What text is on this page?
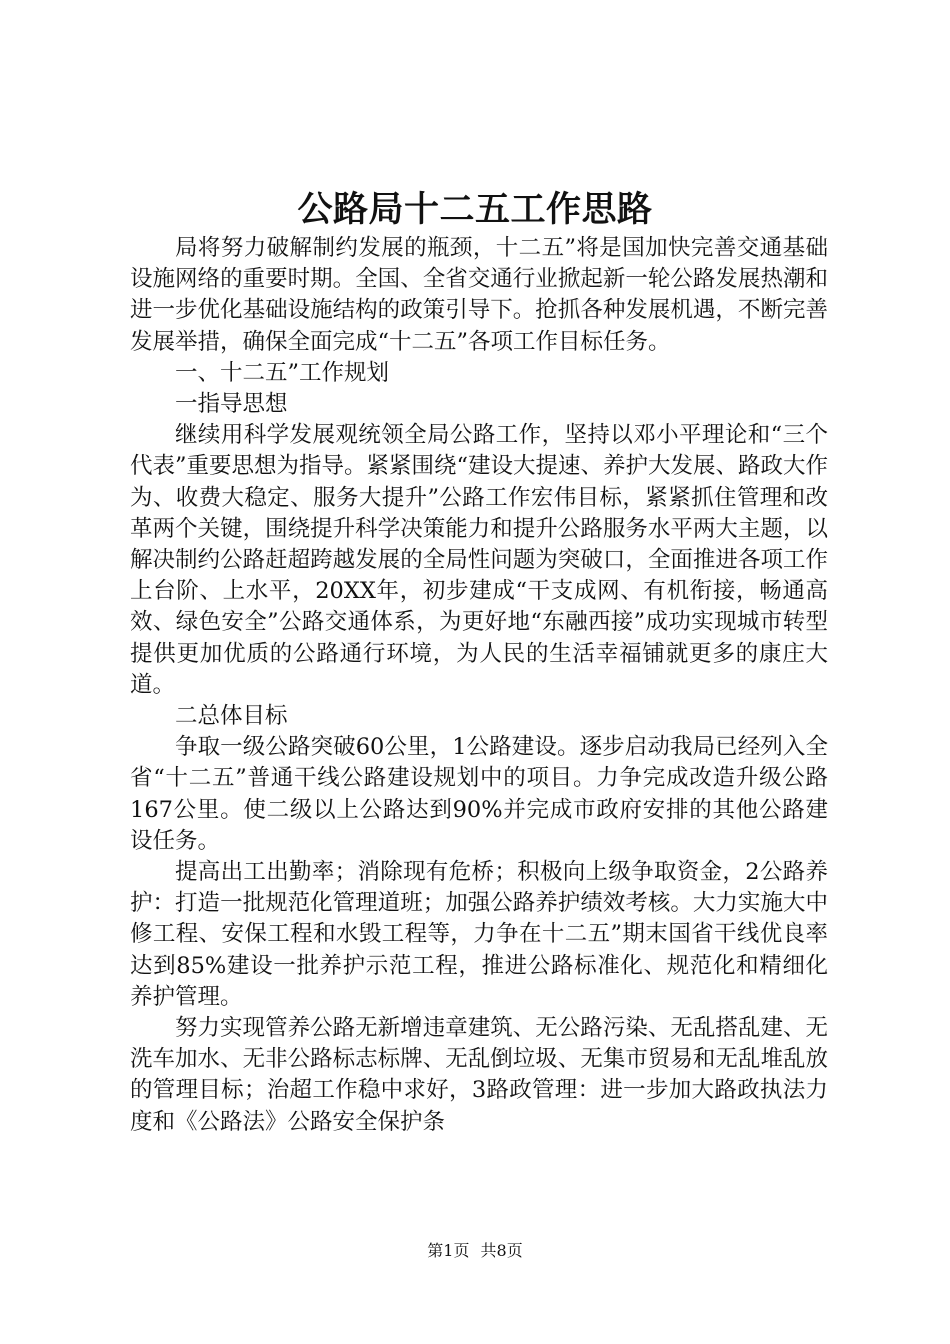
公路局十二五工作思路

局将努力破解制约发展的瓶颈，十二五”将是国加快完善交通基础设施网络的重要时期。全国、全省交通行业掀起新一轮公路发展热潮和进一步优化基础设施结构的政策引导下。抢抓各种发展机遇，不断完善发展举措，确保全面完成“十二五”各项工作目标任务。

一、十二五”工作规划

一指导思想

继续用科学发展观统领全局公路工作，坚持以邓小平理论和“三个代表”重要思想为指导。紧紧围绕“建设大提速、养护大发展、路政大作为、收费大稳定、服务大提升”公路工作宏伟目标，紧紧抓住管理和改革两个关键，围绕提升科学决策能力和提升公路服务水平两大主题，以解决制约公路赶超跨越发展的全局性问题为突破口，全面推进各项工作上台阶、上水平，20XX年，初步建成“干支成网、有机衔接，畅通高效、绿色安全”公路交通体系，为更好地“东融西接”成功实现城市转型提供更加优质的公路通行环境，为人民的生活幸福铺就更多的康庄大道。

二总体目标

争取一级公路突破60公里，1公路建设。逐步启动我局已经列入全省“十二五”普通干线公路建设规划中的项目。力争完成改造升级公路167公里。使二级以上公路达到90%并完成市政府安排的其他公路建设任务。

提高出工出勤率；消除现有危桥；积极向上级争取资金，2公路养护：打造一批规范化管理道班；加强公路养护绩效考核。大力实施大中修工程、安保工程和水毁工程等，力争在十二五”期末国省干线优良率达到85%建设一批养护示范工程，推进公路标准化、规范化和精细化养护管理。

努力实现管养公路无新增违章建筑、无公路污染、无乱搭乱建、无洗车加水、无非公路标志标牌、无乱倒垃圾、无集市贸易和无乱堆乱放的管理目标；治超工作稳中求好，3路政管理：进一步加大路政执法力度和《公路法》公路安全保护条

第1页 共8页
